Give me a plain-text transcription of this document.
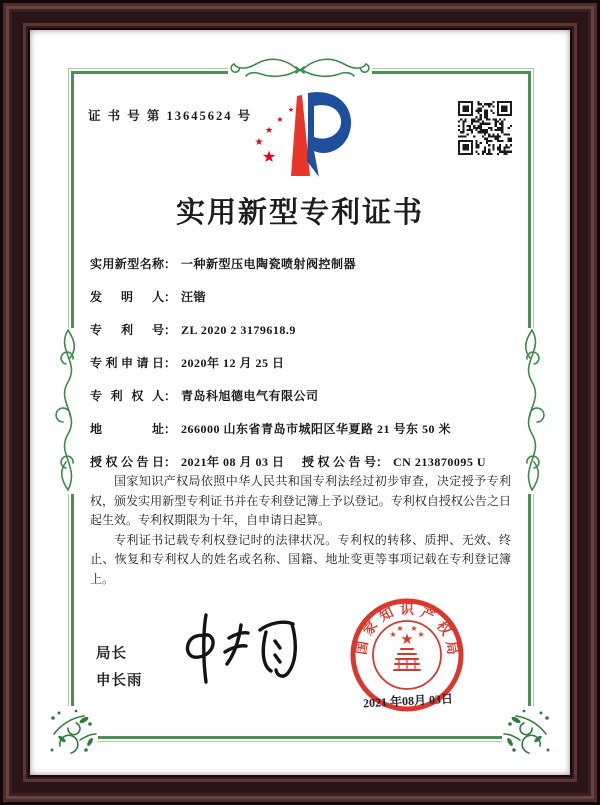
证 书 号 第 13645624 号
★
★
★
★
★
实用新型专利证书
实用新型名称： 一种新型压电陶瓷喷射阀控制器
发明人： 汪锴
专利号： ZL 2020 2 3179618.9
专利申请日： 2020年 12 月 25 日
专利权人： 青岛科旭德电气有限公司
地址： 266000 山东省青岛市城阳区华夏路 21 号东 50 米
授权公告日： 2021年 08 月 03 日	授权公告号： CN 213870095 U

国家知识产权局依照中华人民共和国专利法经过初步审查，决定授予专利权，颁发实用新型专利证书并在专利登记簿上予以登记。专利权自授权公告之日起生效。专利权期限为十年，自申请日起算。

专利证书记载专利权登记时的法律状况。专利权的转移、质押、无效、终止、恢复和专利权人的姓名或名称、国籍、地址变更等事项记载在专利登记簿上。

局长
申长雨
国
家
知 识 产
权
局
★
★
★ ★
★
2021 年08月 03日
